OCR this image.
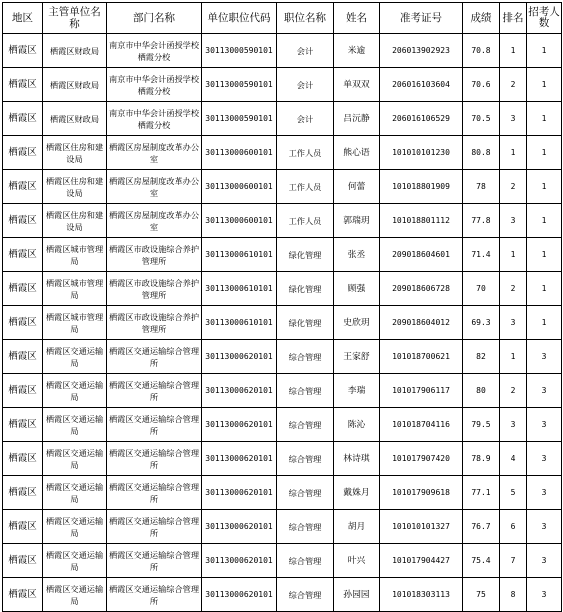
地区	主管单位名称	部门名称	单位职位代码	职位名称	姓名	准考证号	成绩	排名	招考人数
栖霞区	栖霞区财政局	南京市中华会计函授学校栖霞分校	30113000590101	会计	米逾	206013902923	70.8	1	1
栖霞区	栖霞区财政局	南京市中华会计函授学校栖霞分校	30113000590101	会计	单双双	206016103604	70.6	2	1
栖霞区	栖霞区财政局	南京市中华会计函授学校栖霞分校	30113000590101	会计	吕沅静	206016106529	70.5	3	1
栖霞区	栖霞区住房和建设局	栖霞区房屋制度改革办公室	30113000600101	工作人员	熊心语	101010101230	80.8	1	1
栖霞区	栖霞区住房和建设局	栖霞区房屋制度改革办公室	30113000600101	工作人员	何蕾	101018801909	78	2	1
栖霞区	栖霞区住房和建设局	栖霞区房屋制度改革办公室	30113000600101	工作人员	郭瑞玥	101018801112	77.8	3	1
栖霞区	栖霞区城市管理局	栖霞区市政设施综合养护管理所	30113000610101	绿化管理	张丞	209018604601	71.4	1	1
栖霞区	栖霞区城市管理局	栖霞区市政设施综合养护管理所	30113000610101	绿化管理	顾强	209018606728	70	2	1
栖霞区	栖霞区城市管理局	栖霞区市政设施综合养护管理所	30113000610101	绿化管理	史欣玥	209018604012	69.3	3	1
栖霞区	栖霞区交通运输局	栖霞区交通运输综合管理所	30113000620101	综合管理	王家舒	101018700621	82	1	3
栖霞区	栖霞区交通运输局	栖霞区交通运输综合管理所	30113000620101	综合管理	李瑞	101017906117	80	2	3
栖霞区	栖霞区交通运输局	栖霞区交通运输综合管理所	30113000620101	综合管理	陈沁	101018704116	79.5	3	3
栖霞区	栖霞区交通运输局	栖霞区交通运输综合管理所	30113000620101	综合管理	林诗琪	101017907420	78.9	4	3
栖霞区	栖霞区交通运输局	栖霞区交通运输综合管理所	30113000620101	综合管理	戴姝月	101017909618	77.1	5	3
栖霞区	栖霞区交通运输局	栖霞区交通运输综合管理所	30113000620101	综合管理	胡月	101010101327	76.7	6	3
栖霞区	栖霞区交通运输局	栖霞区交通运输综合管理所	30113000620101	综合管理	叶兴	101017904427	75.4	7	3
栖霞区	栖霞区交通运输局	栖霞区交通运输综合管理所	30113000620101	综合管理	孙园园	101018303113	75	8	3
